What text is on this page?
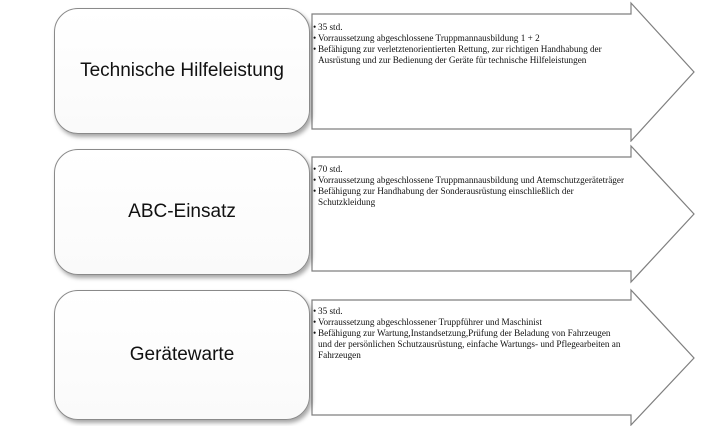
Technische Hilfeleistung
• 35 std.
• Vorraussetzung abgeschlossene Truppmannausbildung 1 + 2
• Befähigung zur verletztenorientierten Rettung, zur richtigen Handhabung der Ausrüstung und zur Bedienung der Geräte für technische Hilfeleistungen
ABC-Einsatz
• 70 std.
• Vorraussetzung abgeschlossene Truppmannausbildung und Atemschutzgeräteträger
• Befähigung zur Handhabung der Sonderausrüstung einschließlich der Schutzkleidung
Gerätewarte
• 35 std.
• Vorraussetzung abgeschlossener Truppführer und Maschinist
• Befähigung zur Wartung,Instandsetzung,Prüfung der Beladung von Fahrzeugen und der persönlichen Schutzausrüstung, einfache Wartungs- und Pflegearbeiten an Fahrzeugen
